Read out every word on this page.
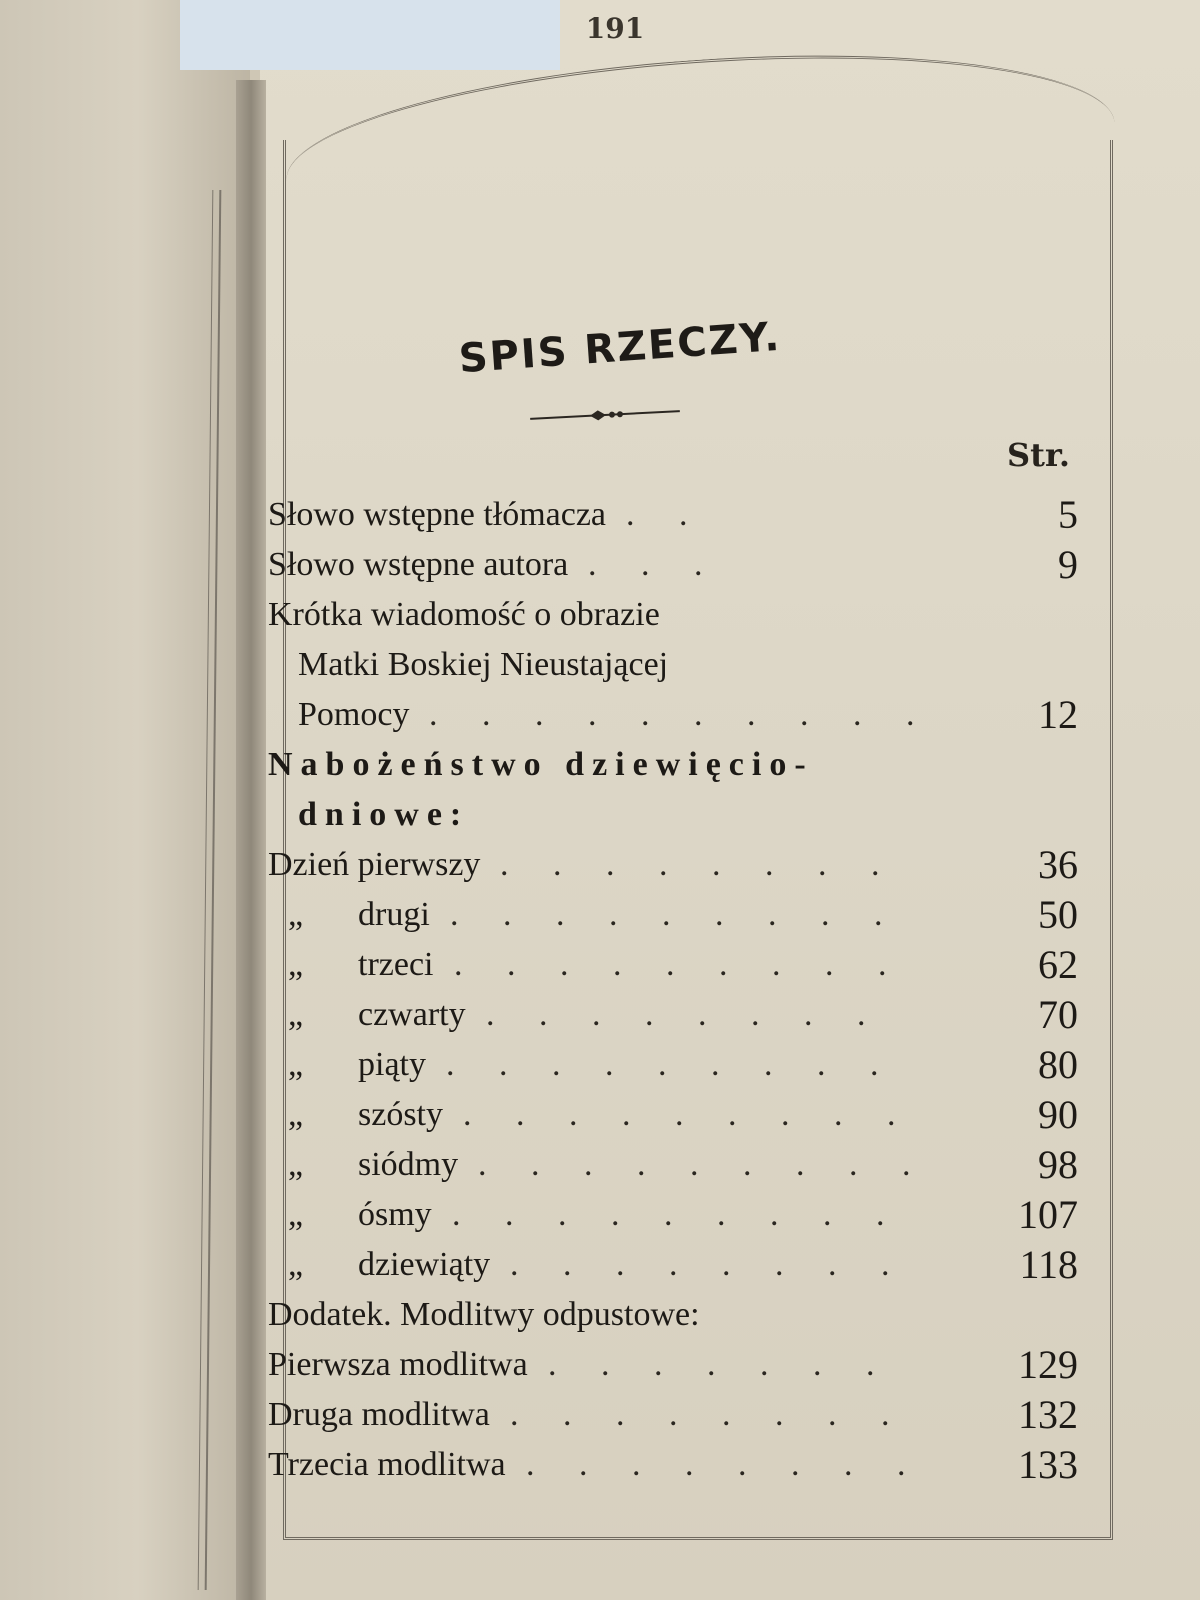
191
SPIS RZECZY.
Str.
Słowo wstępne tłómacza . .	5
Słowo wstępne autora . . .	9
Krótka wiadomość o obrazie
Matki Boskiej Nieustającej
Pomocy . . . . . . . . . .	12
Nabożeństwo dziewięcio-
dniowe:
Dzień pierwszy . . . . . . . .	36
„	drugi . . . . . . . . .	50
„	trzeci . . . . . . . . .	62
„	czwarty . . . . . . . .	70
„	piąty . . . . . . . . .	80
„	szósty . . . . . . . . .	90
„	siódmy . . . . . . . . .	98
„	ósmy . . . . . . . . .	107
„	dziewiąty . . . . . . . .	118
Dodatek. Modlitwy odpustowe:
Pierwsza modlitwa . . . . . . .	129
Druga modlitwa . . . . . . . .	132
Trzecia modlitwa . . . . . . . .	133
